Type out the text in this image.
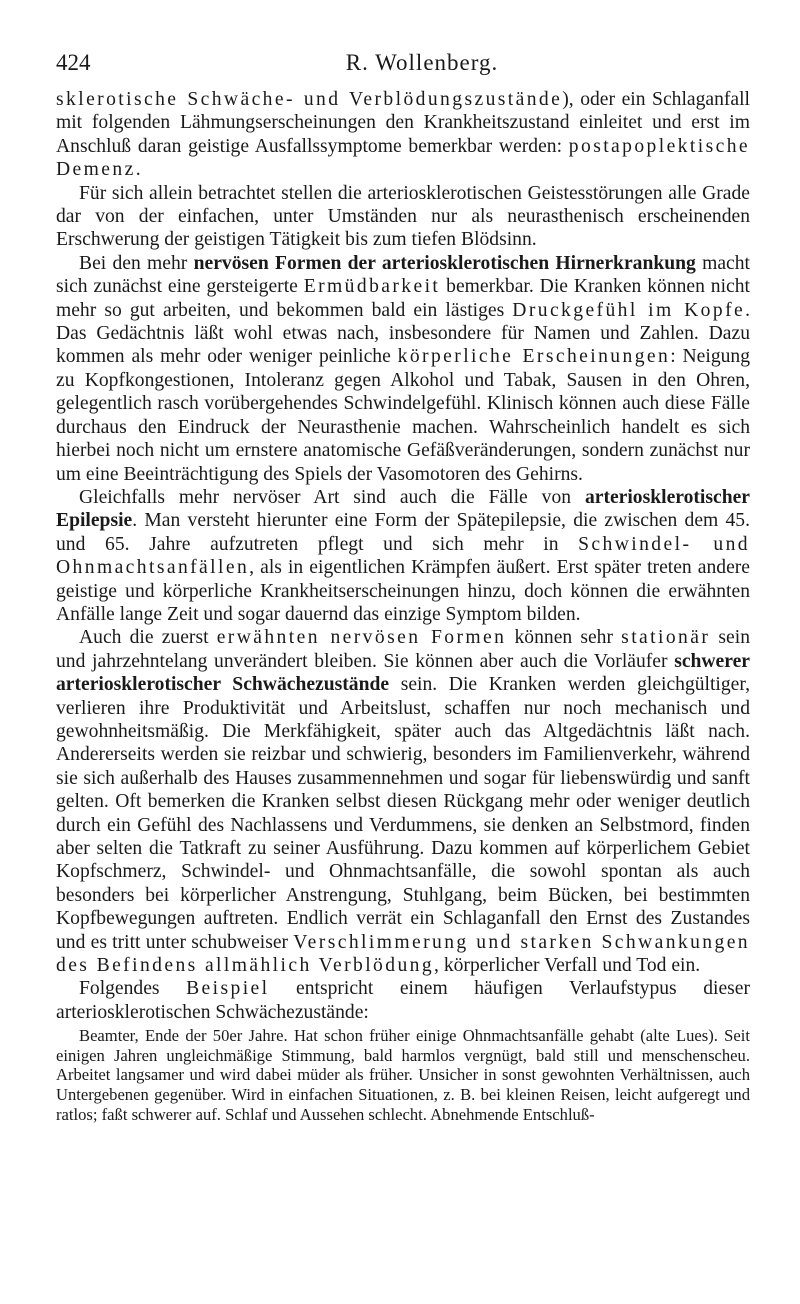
424	R. Wollenberg.

sklerotische Schwäche- und Verblödungszustände), oder ein Schlaganfall mit folgenden Lähmungserscheinungen den Krankheitszustand einleitet und erst im Anschluß daran geistige Ausfallssymptome bemerkbar werden: postapoplektische Demenz.

Für sich allein betrachtet stellen die arteriosklerotischen Geistesstörungen alle Grade dar von der einfachen, unter Umständen nur als neurasthenisch erscheinenden Erschwerung der geistigen Tätigkeit bis zum tiefen Blödsinn.

Bei den mehr nervösen Formen der arteriosklerotischen Hirnerkrankung macht sich zunächst eine gersteigerte Ermüdbarkeit bemerkbar. Die Kranken können nicht mehr so gut arbeiten, und bekommen bald ein lästiges Druckgefühl im Kopfe. Das Gedächtnis läßt wohl etwas nach, insbesondere für Namen und Zahlen. Dazu kommen als mehr oder weniger peinliche körperliche Erscheinungen: Neigung zu Kopfkongestionen, Intoleranz gegen Alkohol und Tabak, Sausen in den Ohren, gelegentlich rasch vorübergehendes Schwindelgefühl. Klinisch können auch diese Fälle durchaus den Eindruck der Neurasthenie machen. Wahrscheinlich handelt es sich hierbei noch nicht um ernstere anatomische Gefäßveränderungen, sondern zunächst nur um eine Beeinträchtigung des Spiels der Vasomotoren des Gehirns.

Gleichfalls mehr nervöser Art sind auch die Fälle von arteriosklerotischer Epilepsie. Man versteht hierunter eine Form der Spätepilepsie, die zwischen dem 45. und 65. Jahre aufzutreten pflegt und sich mehr in Schwindel- und Ohnmachtsanfällen, als in eigentlichen Krämpfen äußert. Erst später treten andere geistige und körperliche Krankheitserscheinungen hinzu, doch können die erwähnten Anfälle lange Zeit und sogar dauernd das einzige Symptom bilden.

Auch die zuerst erwähnten nervösen Formen können sehr stationär sein und jahrzehntelang unverändert bleiben. Sie können aber auch die Vorläufer schwerer arteriosklerotischer Schwächezustände sein. Die Kranken werden gleichgültiger, verlieren ihre Produktivität und Arbeitslust, schaffen nur noch mechanisch und gewohnheitsmäßig. Die Merkfähigkeit, später auch das Altgedächtnis läßt nach. Andererseits werden sie reizbar und schwierig, besonders im Familienverkehr, während sie sich außerhalb des Hauses zusammennehmen und sogar für liebenswürdig und sanft gelten. Oft bemerken die Kranken selbst diesen Rückgang mehr oder weniger deutlich durch ein Gefühl des Nachlassens und Verdummens, sie denken an Selbstmord, finden aber selten die Tatkraft zu seiner Ausführung. Dazu kommen auf körperlichem Gebiet Kopfschmerz, Schwindel- und Ohnmachtsanfälle, die sowohl spontan als auch besonders bei körperlicher Anstrengung, Stuhlgang, beim Bücken, bei bestimmten Kopfbewegungen auftreten. Endlich verrät ein Schlaganfall den Ernst des Zustandes und es tritt unter schubweiser Verschlimmerung und starken Schwankungen des Befindens allmählich Verblödung, körperlicher Verfall und Tod ein.

Folgendes Beispiel entspricht einem häufigen Verlaufstypus dieser arteriosklerotischen Schwächezustände:

Beamter, Ende der 50er Jahre. Hat schon früher einige Ohnmachtsanfälle gehabt (alte Lues). Seit einigen Jahren ungleichmäßige Stimmung, bald harmlos vergnügt, bald still und menschenscheu. Arbeitet langsamer und wird dabei müder als früher. Unsicher in sonst gewohnten Verhältnissen, auch Untergebenen gegenüber. Wird in einfachen Situationen, z. B. bei kleinen Reisen, leicht aufgeregt und ratlos; faßt schwerer auf. Schlaf und Aussehen schlecht. Abnehmende Entschluß-
